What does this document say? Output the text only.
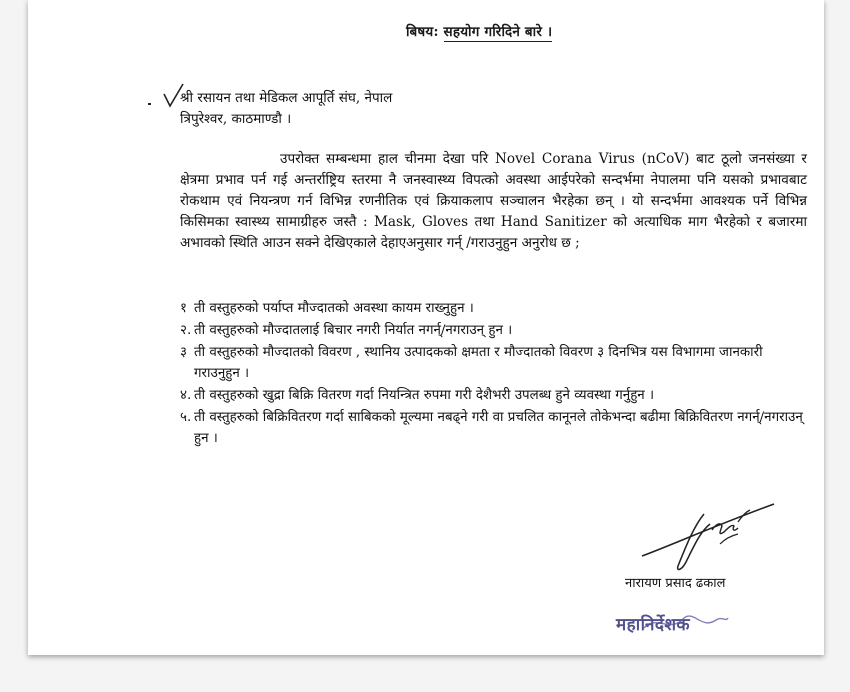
बिषय: सहयोग गरिदिने बारे ।
श्री रसायन तथा मेडिकल आपूर्ति संघ, नेपाल
त्रिपुरेश्वर, काठमाण्डौ ।
उपरोक्त सम्बन्धमा हाल चीनमा देखा परि Novel Corana Virus (nCoV) बाट ठूलो जनसंख्या र क्षेत्रमा प्रभाव पर्न गई अन्तर्राष्ट्रिय स्तरमा नै जनस्वास्थ्य विपत्को अवस्था आईपरेको सन्दर्भमा नेपालमा पनि यसको प्रभावबाट रोकथाम एवं नियन्त्रण गर्न विभिन्न रणनीतिक एवं क्रियाकलाप सञ्चालन भैरहेका छन् । यो सन्दर्भमा आवश्यक पर्ने विभिन्न किसिमका स्वास्थ्य सामाग्रीहरु जस्तै : Mask, Gloves तथा Hand Sanitizer को अत्याधिक माग भैरहेको र बजारमा अभावको स्थिति आउन सक्ने देखिएकाले देहाएअनुसार गर्न् /गराउनुहुन अनुरोध छ ;
१ ती वस्तुहरुको पर्याप्त मौज्दातको अवस्था कायम राख्नुहुन ।
२. ती वस्तुहरुको मौज्दातलाई बिचार नगरी निर्यात नगर्न्/नगराउन् हुन ।
३ ती वस्तुहरुको मौज्दातको विवरण , स्थानिय उत्पादकको क्षमता र मौज्दातको विवरण ३ दिनभित्र यस विभागमा जानकारी गराउनुहुन ।
४. ती वस्तुहरुको खुद्रा बिक्रि वितरण गर्दा नियन्त्रित रुपमा गरी देशैभरी उपलब्ध हुने व्यवस्था गर्नुहुन ।
५. ती वस्तुहरुको बिक्रिवितरण गर्दा साबिकको मूल्यमा नबढ्ने गरी वा प्रचलित कानूनले तोकेभन्दा बढीमा बिक्रिवितरण नगर्न्/नगराउन् हुन ।
नारायण प्रसाद ढकाल
महानिर्देशक
